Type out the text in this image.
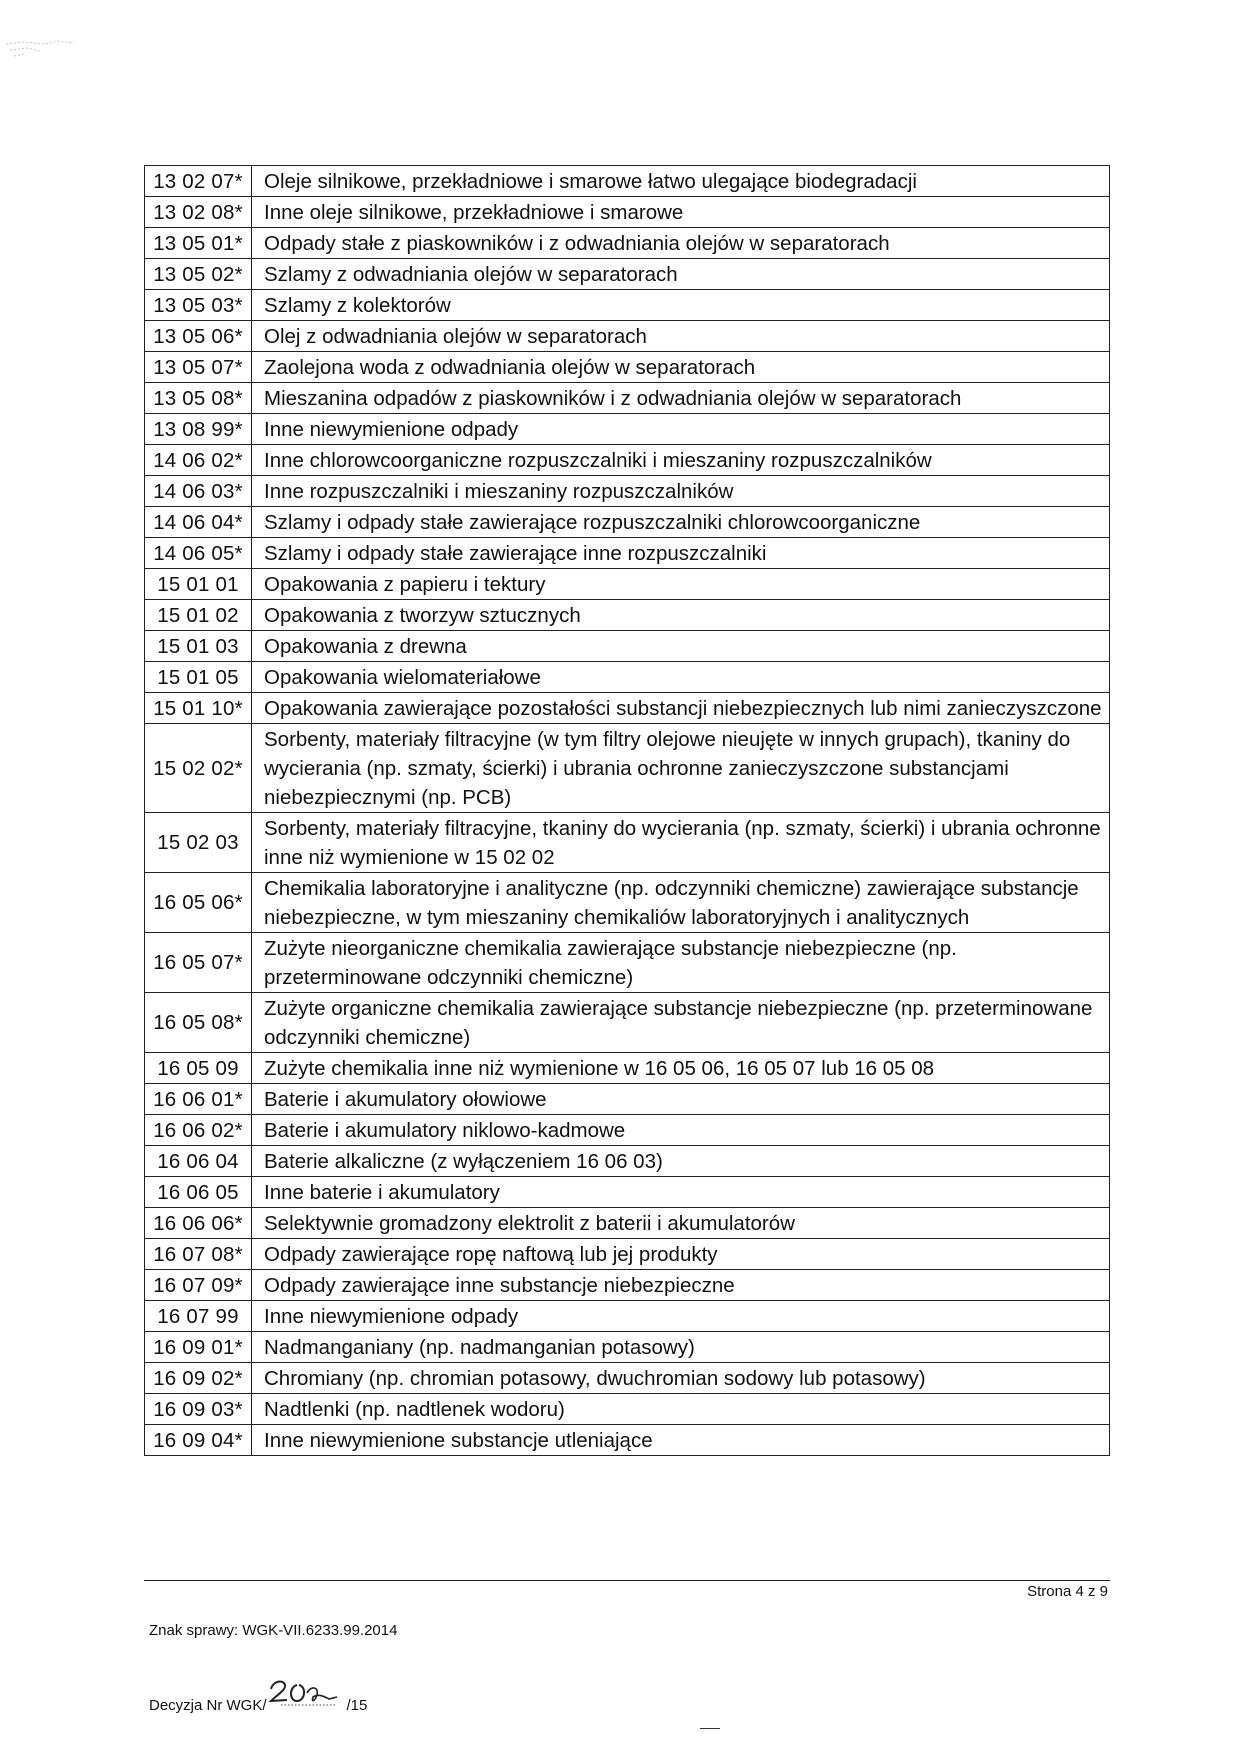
13 02 07*	Oleje silnikowe, przekładniowe i smarowe łatwo ulegające biodegradacji
13 02 08*	Inne oleje silnikowe, przekładniowe i smarowe
13 05 01*	Odpady stałe z piaskowników i z odwadniania olejów w separatorach
13 05 02*	Szlamy z odwadniania olejów w separatorach
13 05 03*	Szlamy z kolektorów
13 05 06*	Olej z odwadniania olejów w separatorach
13 05 07*	Zaolejona woda z odwadniania olejów w separatorach
13 05 08*	Mieszanina odpadów z piaskowników i z odwadniania olejów w separatorach
13 08 99*	Inne niewymienione odpady
14 06 02*	Inne chlorowcoorganiczne rozpuszczalniki i mieszaniny rozpuszczalników
14 06 03*	Inne rozpuszczalniki i mieszaniny rozpuszczalników
14 06 04*	Szlamy i odpady stałe zawierające rozpuszczalniki chlorowcoorganiczne
14 06 05*	Szlamy i odpady stałe zawierające inne rozpuszczalniki
15 01 01	Opakowania z papieru i tektury
15 01 02	Opakowania z tworzyw sztucznych
15 01 03	Opakowania z drewna
15 01 05	Opakowania wielomateriałowe
15 01 10*	Opakowania zawierające pozostałości substancji niebezpiecznych lub nimi zanieczyszczone
15 02 02*	Sorbenty, materiały filtracyjne (w tym filtry olejowe nieujęte w innych grupach), tkaniny do wycierania (np. szmaty, ścierki) i ubrania ochronne zanieczyszczone substancjami niebezpiecznymi (np. PCB)
15 02 03	Sorbenty, materiały filtracyjne, tkaniny do wycierania (np. szmaty, ścierki) i ubrania ochronne inne niż wymienione w 15 02 02
16 05 06*	Chemikalia laboratoryjne i analityczne (np. odczynniki chemiczne) zawierające substancje niebezpieczne, w tym mieszaniny chemikaliów laboratoryjnych i analitycznych
16 05 07*	Zużyte nieorganiczne chemikalia zawierające substancje niebezpieczne (np. przeterminowane odczynniki chemiczne)
16 05 08*	Zużyte organiczne chemikalia zawierające substancje niebezpieczne (np. przeterminowane odczynniki chemiczne)
16 05 09	Zużyte chemikalia inne niż wymienione w 16 05 06, 16 05 07 lub 16 05 08
16 06 01*	Baterie i akumulatory ołowiowe
16 06 02*	Baterie i akumulatory niklowo-kadmowe
16 06 04	Baterie alkaliczne (z wyłączeniem 16 06 03)
16 06 05	Inne baterie i akumulatory
16 06 06*	Selektywnie gromadzony elektrolit z baterii i akumulatorów
16 07 08*	Odpady zawierające ropę naftową lub jej produkty
16 07 09*	Odpady zawierające inne substancje niebezpieczne
16 07 99	Inne niewymienione odpady
16 09 01*	Nadmanganiany (np. nadmanganian potasowy)
16 09 02*	Chromiany (np. chromian potasowy, dwuchromian sodowy lub potasowy)
16 09 03*	Nadtlenki (np. nadtlenek wodoru)
16 09 04*	Inne niewymienione substancje utleniające
Strona 4 z 9
Znak sprawy: WGK-VII.6233.99.2014
Decyzja Nr WGK/	/15
